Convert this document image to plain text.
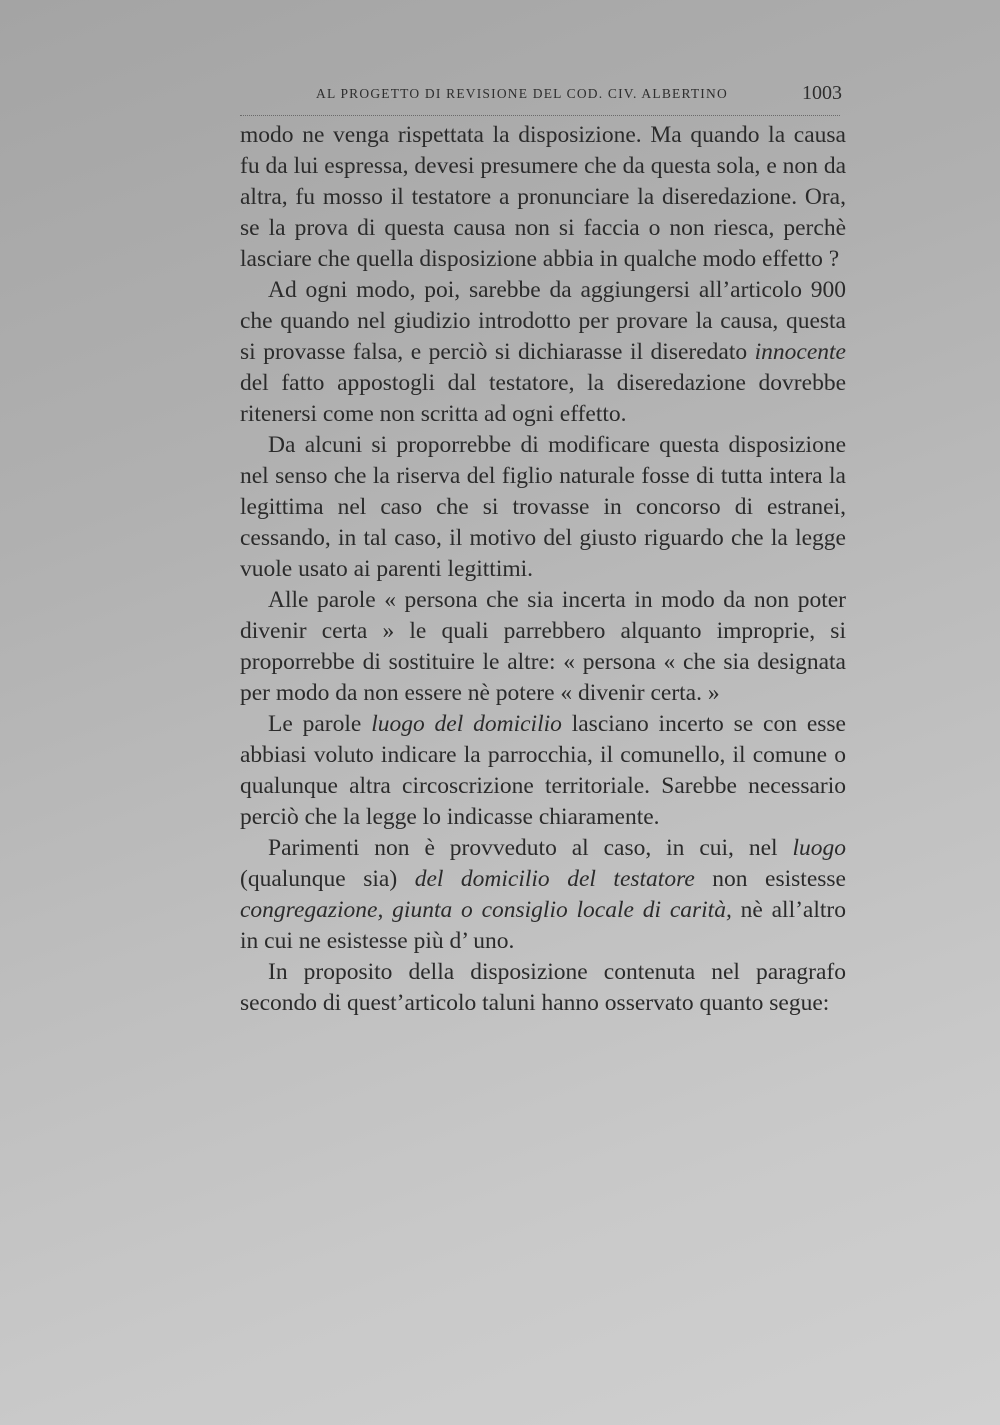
AL PROGETTO DI REVISIONE DEL COD. CIV. ALBERTINO	1003

modo ne venga rispettata la disposizione. Ma quando la causa fu da lui espressa, devesi presumere che da questa sola, e non da altra, fu mosso il testatore a pronunciare la diseredazione. Ora, se la prova di questa causa non si faccia o non riesca, perchè lasciare che quella disposizione abbia in qualche modo effetto ?

Ad ogni modo, poi, sarebbe da aggiungersi all’articolo 900 che quando nel giudizio introdotto per provare la causa, questa si provasse falsa, e perciò si dichiarasse il diseredato innocente del fatto appostogli dal testatore, la diseredazione dovrebbe ritenersi come non scritta ad ogni effetto.

Da alcuni si proporrebbe di modificare questa disposizione nel senso che la riserva del figlio naturale fosse di tutta intera la legittima nel caso che si trovasse in concorso di estranei, cessando, in tal caso, il motivo del giusto riguardo che la legge vuole usato ai parenti legittimi.

Alle parole « persona che sia incerta in modo da non poter divenir certa » le quali parrebbero alquanto improprie, si proporrebbe di sostituire le altre: « persona « che sia designata per modo da non essere nè potere « divenir certa. »

Le parole luogo del domicilio lasciano incerto se con esse abbiasi voluto indicare la parrocchia, il comunello, il comune o qualunque altra circoscrizione territoriale. Sarebbe necessario perciò che la legge lo indicasse chiaramente.

Parimenti non è provveduto al caso, in cui, nel luogo (qualunque sia) del domicilio del testatore non esistesse congregazione, giunta o consiglio locale di carità, nè all’altro in cui ne esistesse più d’ uno.

In proposito della disposizione contenuta nel paragrafo secondo di quest’articolo taluni hanno osservato quanto segue:
